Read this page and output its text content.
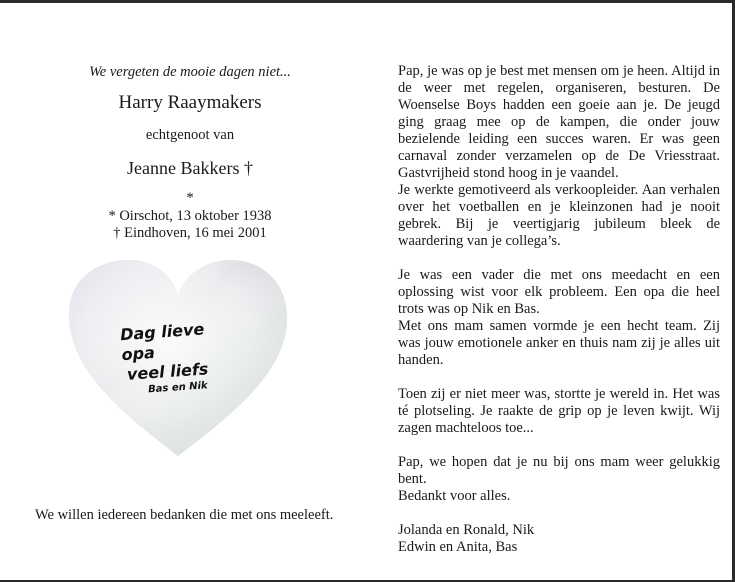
We vergeten de mooie dagen niet...
Harry Raaymakers
echtgenoot van
Jeanne Bakkers †
*
* Oirschot, 13 oktober 1938
† Eindhoven, 16 mei 2001
Dag lieve opa
veel liefs
Bas en Nik
We willen iedereen bedanken die met ons meeleeft.

Pap, je was op je best met mensen om je heen. Altijd in de weer met regelen, organiseren, besturen. De Woenselse Boys hadden een goeie aan je. De jeugd ging graag mee op de kampen, die onder jouw bezielende leiding een succes waren. Er was geen carnaval zonder verzamelen op de De Vriesstraat. Gastvrijheid stond hoog in je vaandel.

Je werkte gemotiveerd als verkoopleider. Aan verhalen over het voetballen en je kleinzonen had je nooit gebrek. Bij je veertigjarig jubileum bleek de waardering van je collega’s.

Je was een vader die met ons meedacht en een oplossing wist voor elk probleem. Een opa die heel trots was op Nik en Bas.

Met ons mam samen vormde je een hecht team. Zij was jouw emotionele anker en thuis nam zij je alles uit handen.

Toen zij er niet meer was, stortte je wereld in. Het was té plotseling. Je raakte de grip op je leven kwijt. Wij zagen machteloos toe...

Pap, we hopen dat je nu bij ons mam weer gelukkig bent.

Bedankt voor alles.

Jolanda en Ronald, Nik

Edwin en Anita, Bas
